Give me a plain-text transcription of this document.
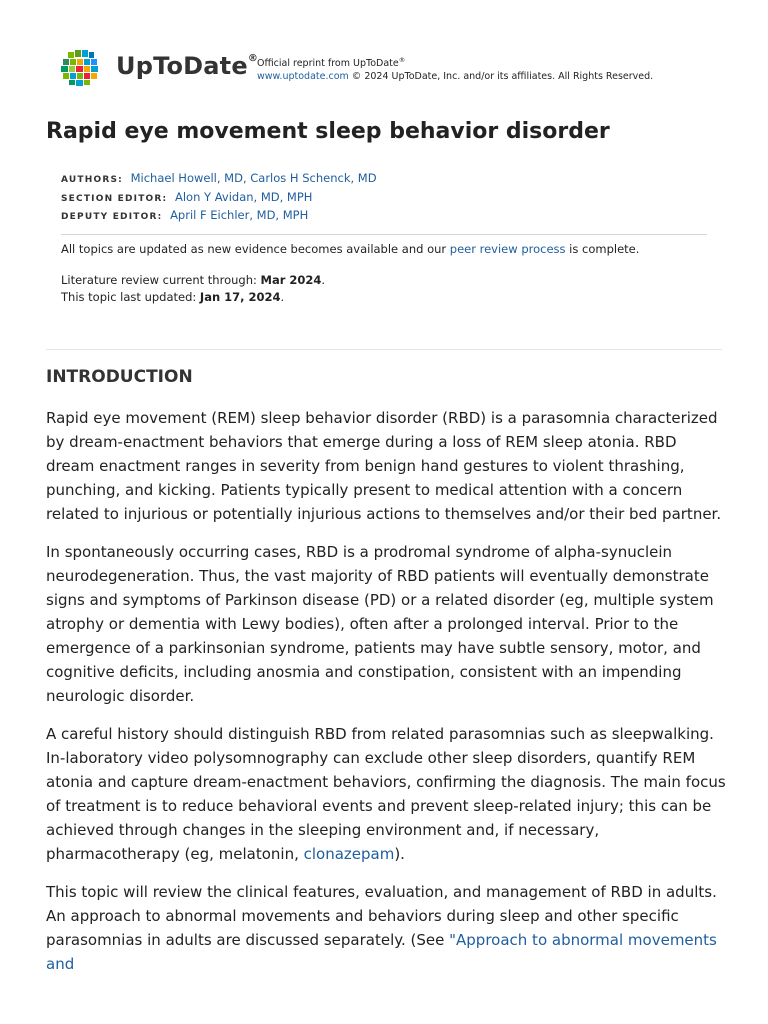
UpToDate®
Official reprint from UpToDate®
www.uptodate.com © 2024 UpToDate, Inc. and/or its affiliates. All Rights Reserved.
Rapid eye movement sleep behavior disorder
AUTHORS: Michael Howell, MD, Carlos H Schenck, MD
SECTION EDITOR: Alon Y Avidan, MD, MPH
DEPUTY EDITOR: April F Eichler, MD, MPH
All topics are updated as new evidence becomes available and our peer review process is complete.
Literature review current through: Mar 2024.
This topic last updated: Jan 17, 2024.
INTRODUCTION

Rapid eye movement (REM) sleep behavior disorder (RBD) is a parasomnia characterized by dream-enactment behaviors that emerge during a loss of REM sleep atonia. RBD dream enactment ranges in severity from benign hand gestures to violent thrashing, punching, and kicking. Patients typically present to medical attention with a concern related to injurious or potentially injurious actions to themselves and/or their bed partner.

In spontaneously occurring cases, RBD is a prodromal syndrome of alpha-synuclein neurodegeneration. Thus, the vast majority of RBD patients will eventually demonstrate signs and symptoms of Parkinson disease (PD) or a related disorder (eg, multiple system atrophy or dementia with Lewy bodies), often after a prolonged interval. Prior to the emergence of a parkinsonian syndrome, patients may have subtle sensory, motor, and cognitive deficits, including anosmia and constipation, consistent with an impending neurologic disorder.

A careful history should distinguish RBD from related parasomnias such as sleepwalking. In-laboratory video polysomnography can exclude other sleep disorders, quantify REM atonia and capture dream-enactment behaviors, confirming the diagnosis. The main focus of treatment is to reduce behavioral events and prevent sleep-related injury; this can be achieved through changes in the sleeping environment and, if necessary, pharmacotherapy (eg, melatonin, clonazepam).

This topic will review the clinical features, evaluation, and management of RBD in adults. An approach to abnormal movements and behaviors during sleep and other specific parasomnias in adults are discussed separately. (See "Approach to abnormal movements and
